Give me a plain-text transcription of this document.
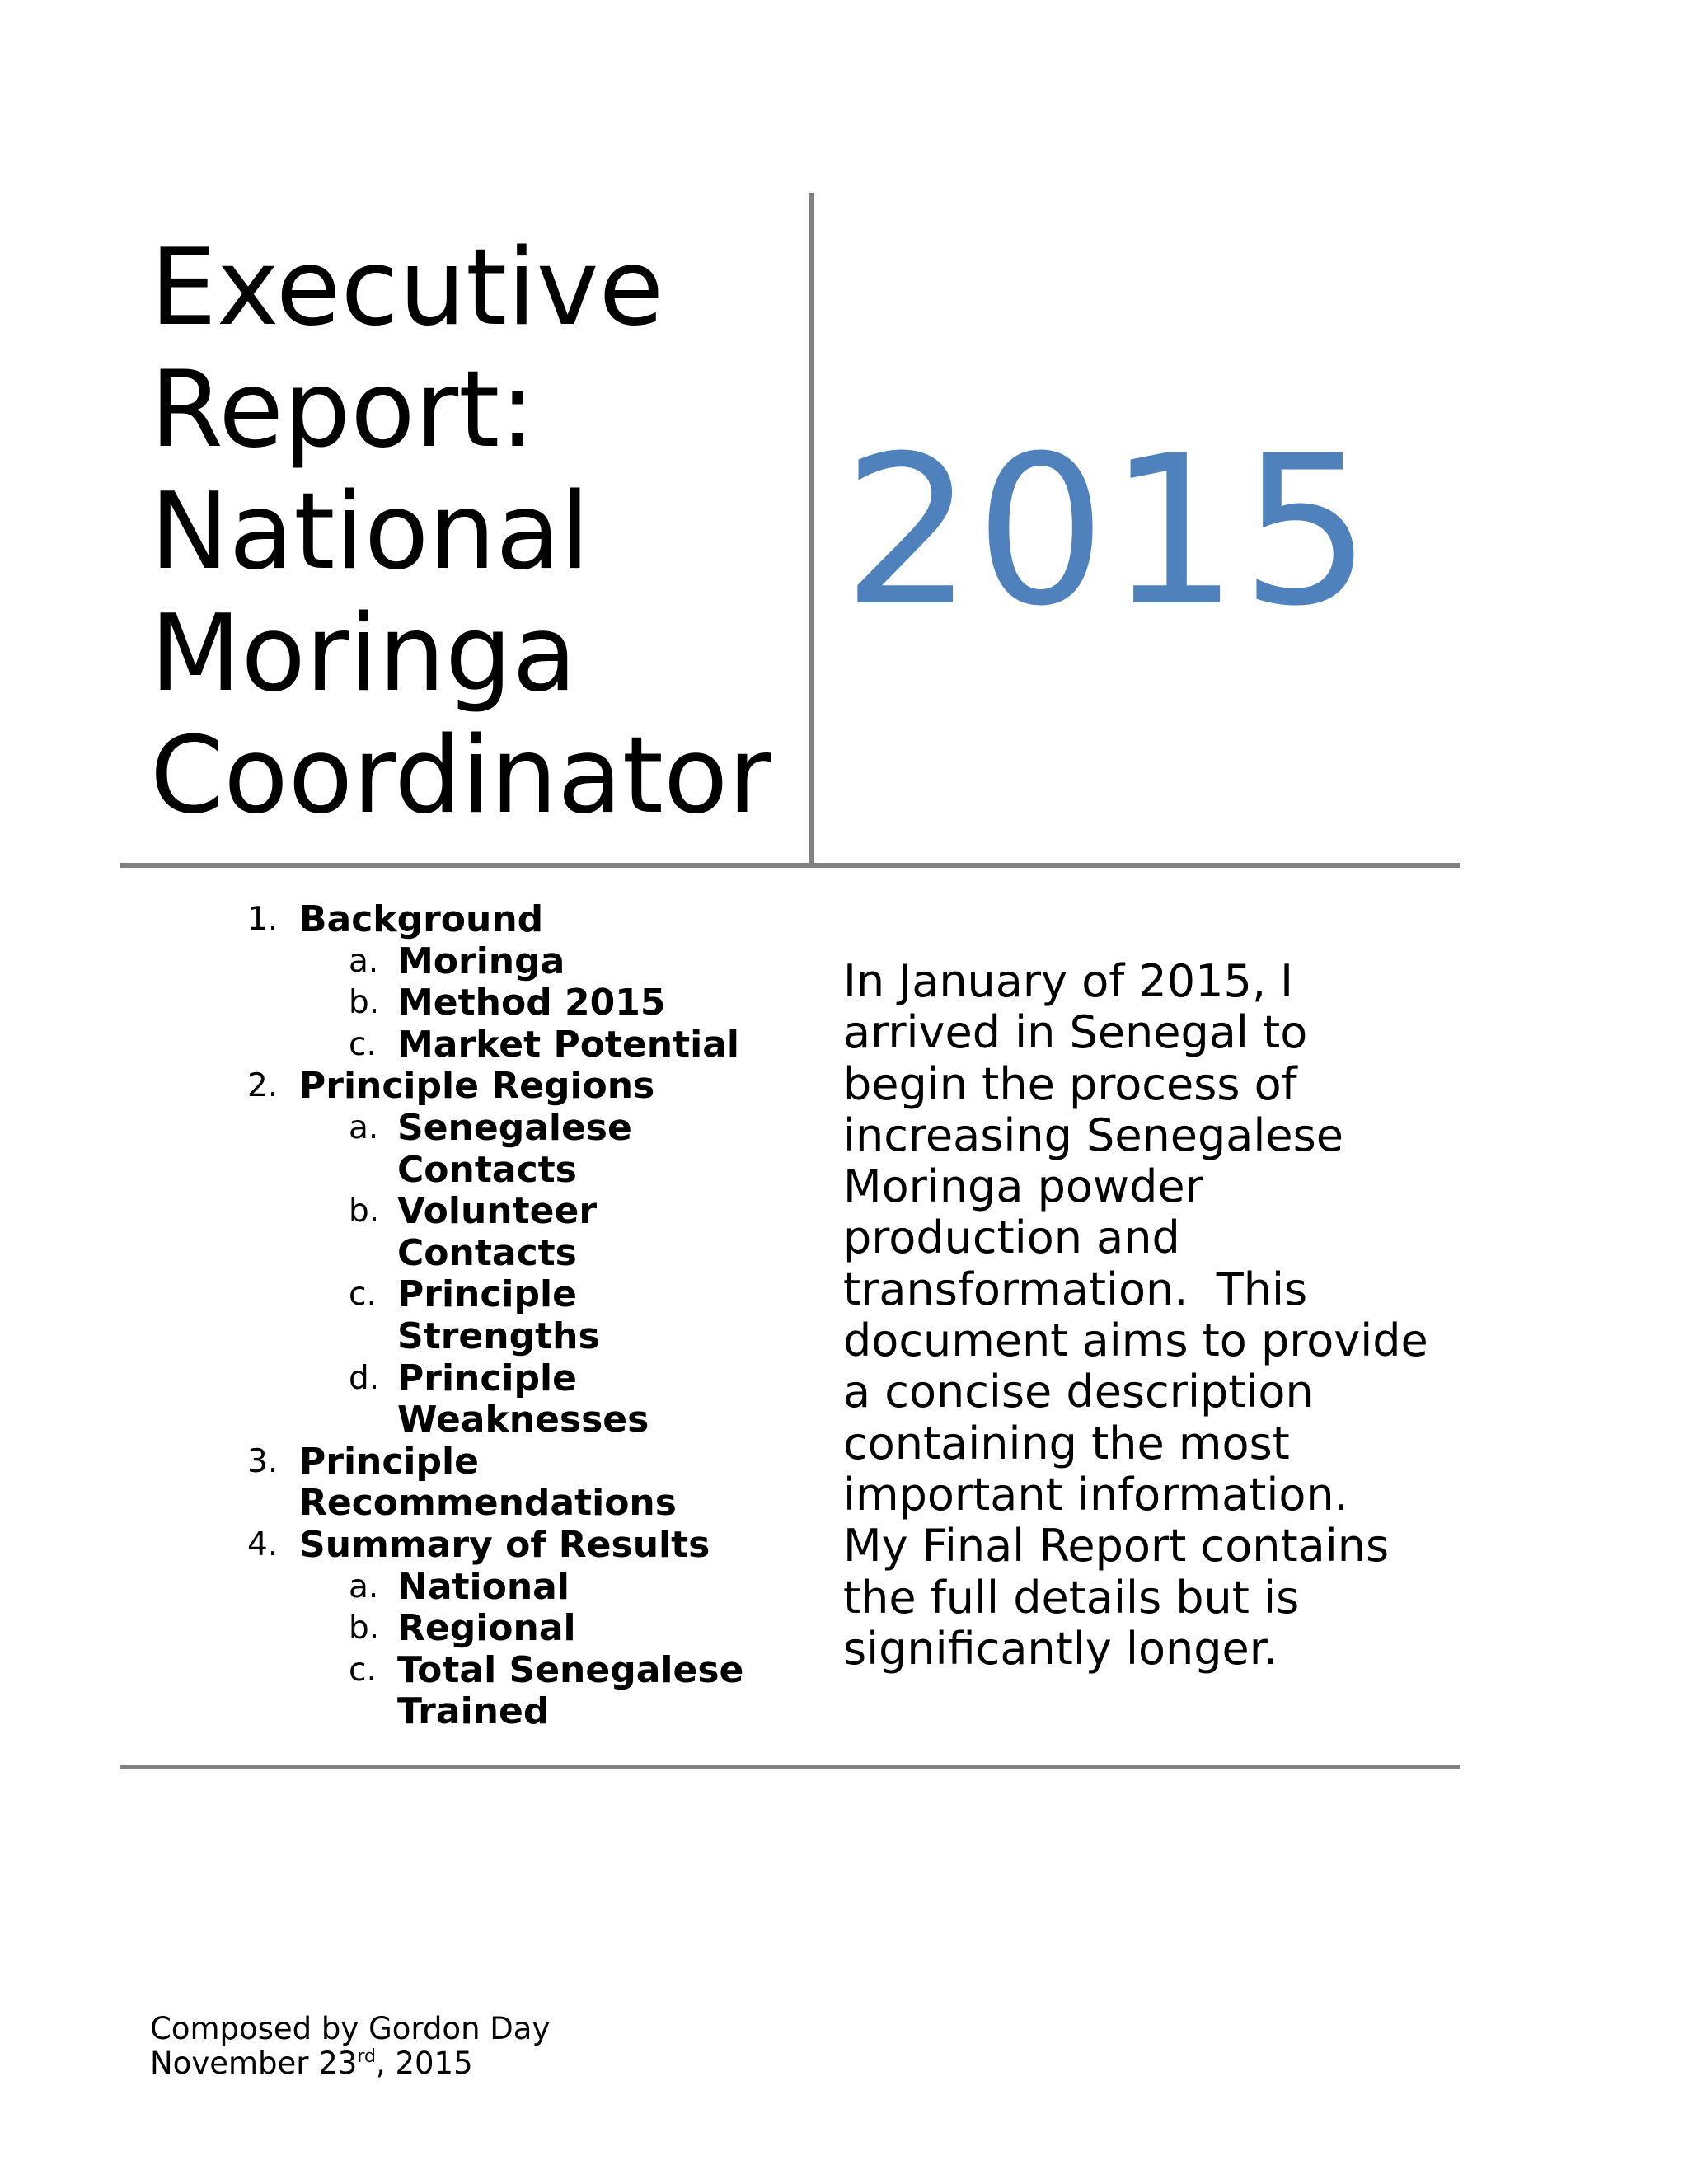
Executive
Report:
National
Moringa
Coordinator
2015
1. Background
a. Moringa
b. Method 2015
c. Market Potential
2. Principle Regions
a. Senegalese Contacts
b. Volunteer Contacts
c. Principle Strengths
d. Principle Weaknesses
3. Principle Recommendations
4. Summary of Results
a. National
b. Regional
c. Total Senegalese Trained

In January of 2015, I
arrived in Senegal to
begin the process of
increasing Senegalese
Moringa powder
production and
transformation.  This
document aims to provide
a concise description
containing the most
important information.
My Final Report contains
the full details but is
significantly longer.

Composed by Gordon Day
November 23rd, 2015
